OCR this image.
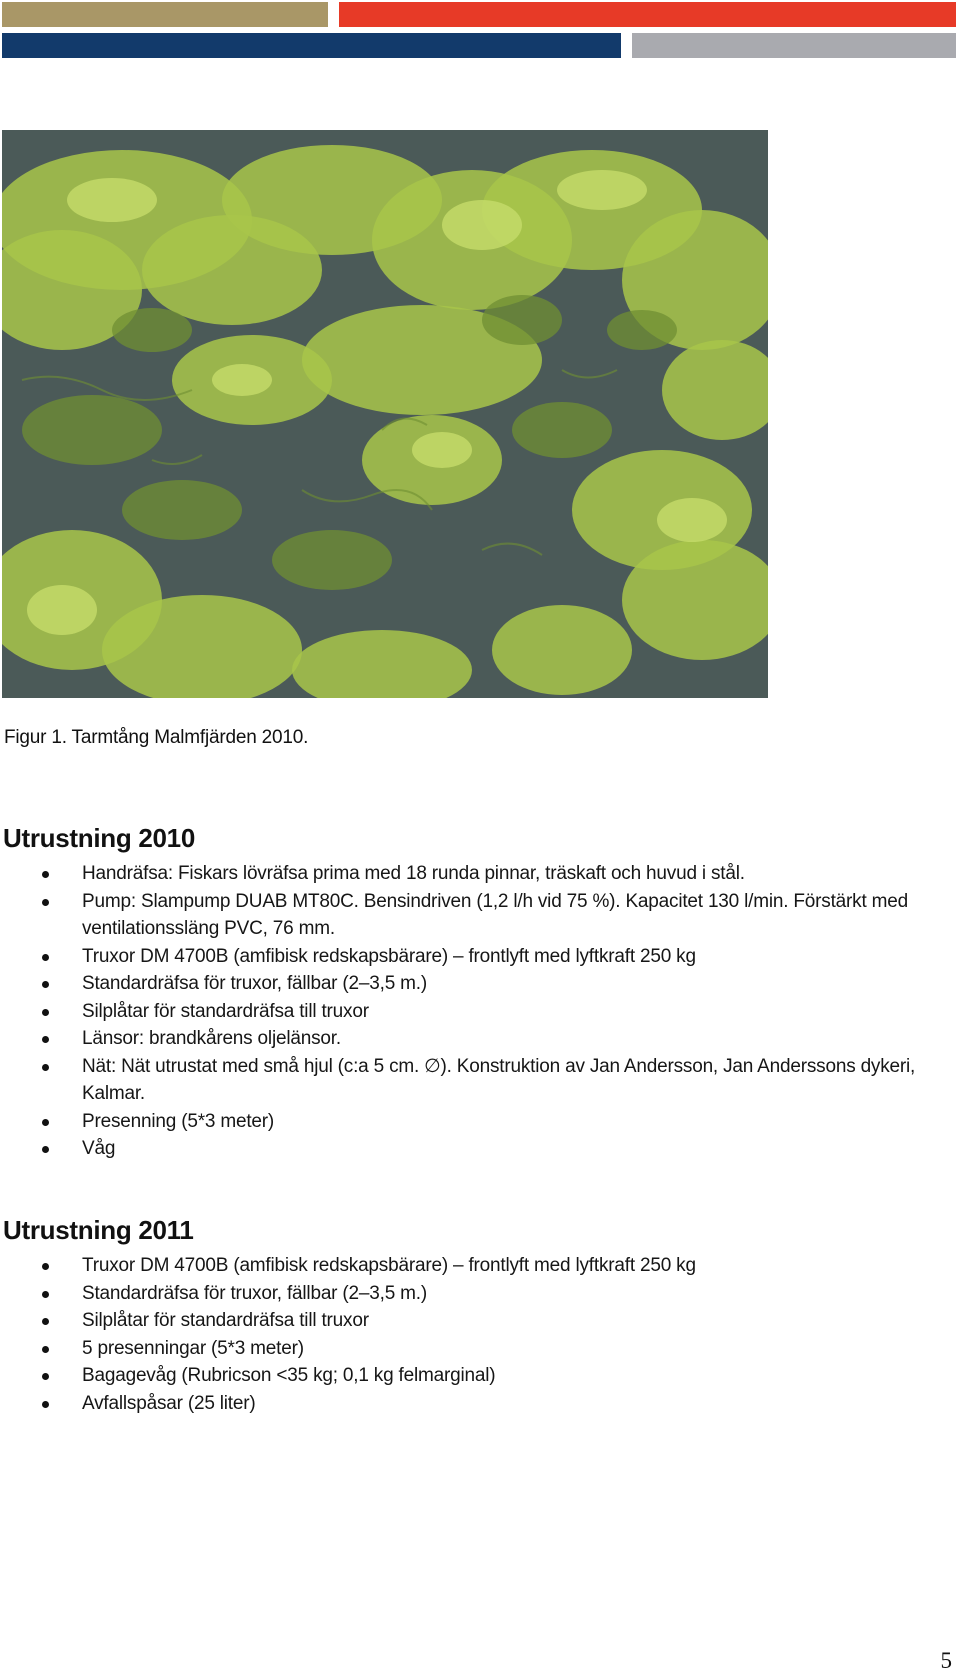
Figur 1. Tarmtång Malmfjärden 2010.
Utrustning 2010
Handräfsa: Fiskars lövräfsa prima med 18 runda pinnar, träskaft och huvud i stål.
Pump: Slampump DUAB MT80C. Bensindriven (1,2 l/h vid 75 %). Kapacitet 130 l/min. Förstärkt med ventilationssläng PVC, 76 mm.
Truxor DM 4700B (amfibisk redskapsbärare) – frontlyft med lyftkraft 250 kg
Standardräfsa för truxor, fällbar (2–3,5 m.)
Silplåtar för standardräfsa till truxor
Länsor: brandkårens oljelänsor.
Nät: Nät utrustat med små hjul (c:a 5 cm. ∅). Konstruktion av Jan Andersson, Jan Anderssons dykeri, Kalmar.
Presenning (5*3 meter)
Våg
Utrustning 2011
Truxor DM 4700B (amfibisk redskapsbärare) – frontlyft med lyftkraft 250 kg
Standardräfsa för truxor, fällbar (2–3,5 m.)
Silplåtar för standardräfsa till truxor
5 presenningar (5*3 meter)
Bagagevåg (Rubricson <35 kg; 0,1 kg felmarginal)
Avfallspåsar (25 liter)
5
